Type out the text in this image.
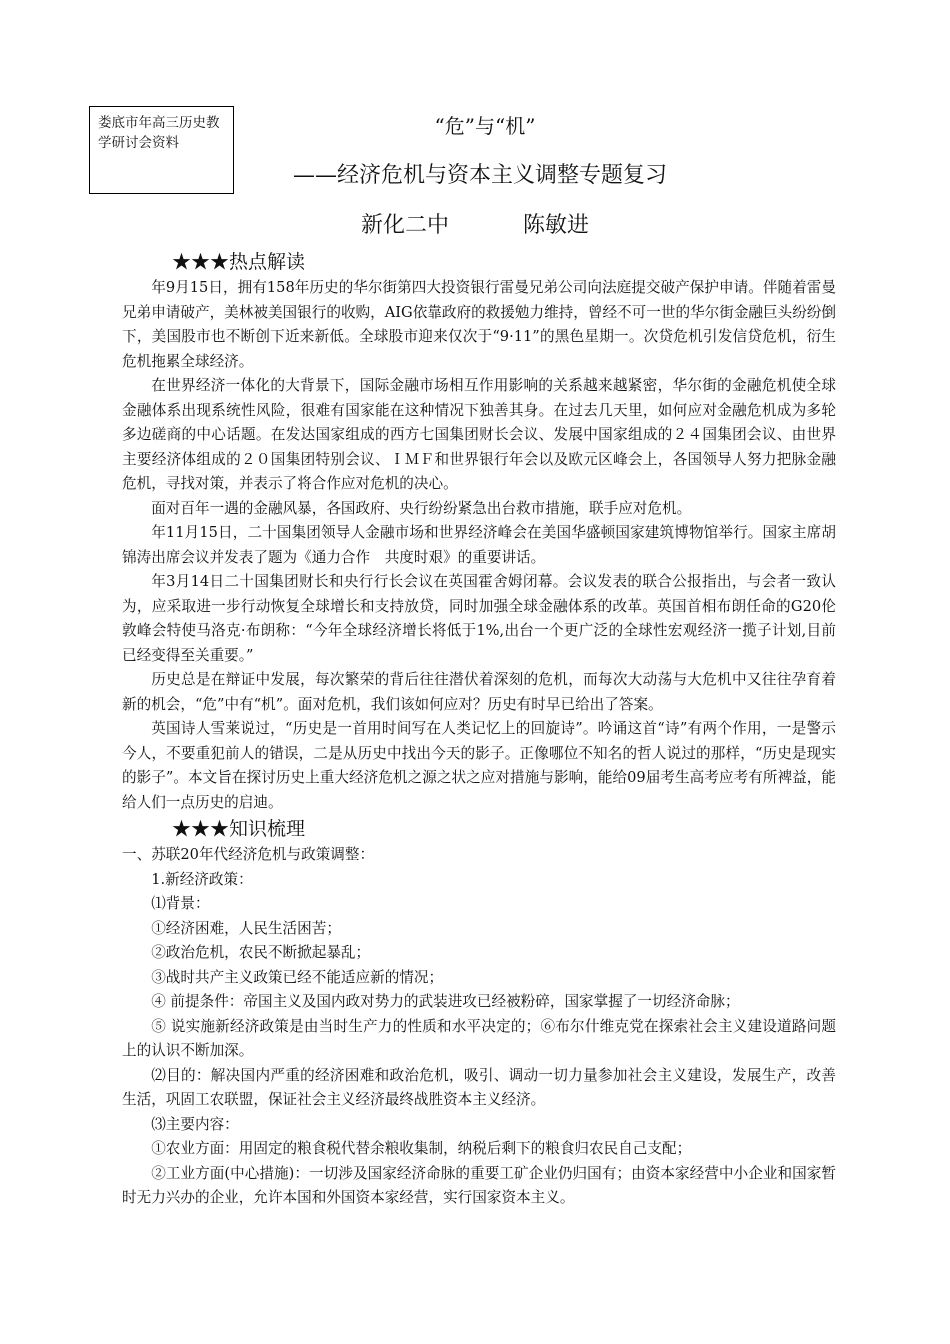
娄底市年高三历史教学研讨会资料
“危”与“机”
——经济危机与资本主义调整专题复习
新化二中	陈敏进

★★★热点解读

年9月15日，拥有158年历史的华尔街第四大投资银行雷曼兄弟公司向法庭提交破产保护申请。伴随着雷曼兄弟申请破产，美林被美国银行的收购，AIG依靠政府的救援勉力维持，曾经不可一世的华尔街金融巨头纷纷倒下，美国股市也不断创下近来新低。全球股市迎来仅次于“9·11”的黑色星期一。次贷危机引发信贷危机，衍生危机拖累全球经济。

在世界经济一体化的大背景下，国际金融市场相互作用影响的关系越来越紧密，华尔街的金融危机使全球金融体系出现系统性风险，很难有国家能在这种情况下独善其身。在过去几天里，如何应对金融危机成为多轮多边磋商的中心话题。在发达国家组成的西方七国集团财长会议、发展中国家组成的２４国集团会议、由世界主要经济体组成的２０国集团特别会议、ＩＭＦ和世界银行年会以及欧元区峰会上，各国领导人努力把脉金融危机，寻找对策，并表示了将合作应对危机的决心。

面对百年一遇的金融风暴，各国政府、央行纷纷紧急出台救市措施，联手应对危机。

年11月15日，二十国集团领导人金融市场和世界经济峰会在美国华盛顿国家建筑博物馆举行。国家主席胡锦涛出席会议并发表了题为《通力合作　共度时艰》的重要讲话。

年3月14日二十国集团财长和央行行长会议在英国霍舍姆闭幕。会议发表的联合公报指出，与会者一致认为，应采取进一步行动恢复全球增长和支持放贷，同时加强全球金融体系的改革。英国首相布朗任命的G20伦敦峰会特使马洛克·布朗称：“今年全球经济增长将低于1%,出台一个更广泛的全球性宏观经济一揽子计划,目前已经变得至关重要。”

历史总是在辩证中发展，每次繁荣的背后往往潜伏着深刻的危机，而每次大动荡与大危机中又往往孕育着新的机会，“危”中有“机”。面对危机，我们该如何应对？历史有时早已给出了答案。

英国诗人雪莱说过，“历史是一首用时间写在人类记忆上的回旋诗”。吟诵这首“诗”有两个作用，一是警示今人，不要重犯前人的错误，二是从历史中找出今天的影子。正像哪位不知名的哲人说过的那样，“历史是现实的影子”。本文旨在探讨历史上重大经济危机之源之状之应对措施与影响，能给09届考生高考应考有所裨益，能给人们一点历史的启迪。

★★★知识梳理

一、苏联20年代经济危机与政策调整：

1.新经济政策：

⑴背景：

①经济困难，人民生活困苦；

②政治危机，农民不断掀起暴乱；

③战时共产主义政策已经不能适应新的情况；

④ 前提条件：帝国主义及国内政对势力的武装进攻已经被粉碎，国家掌握了一切经济命脉；

⑤ 说实施新经济政策是由当时生产力的性质和水平决定的；⑥布尔什维克党在探索社会主义建设道路问题上的认识不断加深。

⑵目的：解决国内严重的经济困难和政治危机，吸引、调动一切力量参加社会主义建设，发展生产，改善生活，巩固工农联盟，保证社会主义经济最终战胜资本主义经济。

⑶主要内容：

①农业方面：用固定的粮食税代替余粮收集制，纳税后剩下的粮食归农民自己支配；

②工业方面(中心措施)：一切涉及国家经济命脉的重要工矿企业仍归国有；由资本家经营中小企业和国家暂时无力兴办的企业，允许本国和外国资本家经营，实行国家资本主义。
